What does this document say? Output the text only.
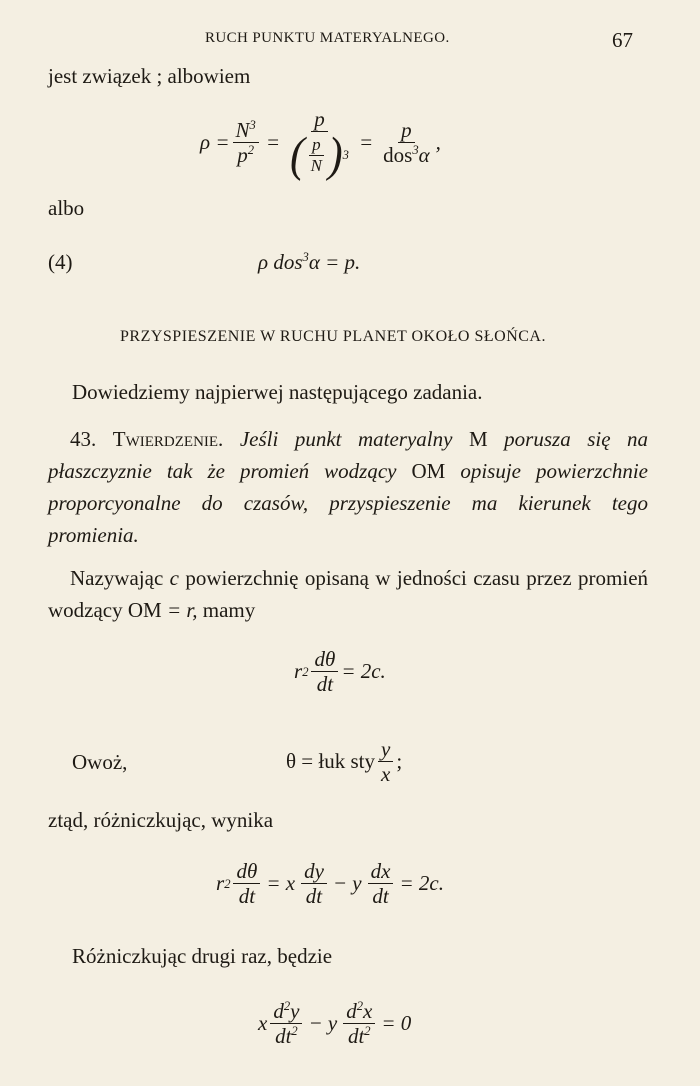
RUCH PUNKTU MATERYALNEGO.	67
jest związek ; albowiem
$\rho = \frac{N^3}{p^2} = \frac{p}{( \frac{p}{N} ) 3} = \frac{p}{dos^3\alpha}$ ,
albo
(4)	ρ dos$^3$α = p.
PRZYSPIESZENIE W RUCHU PLANET OKOŁO SŁOŃCA.
Dowiedziemy najpierwej następującego zadania.
43. Twierdzenie. Jeśli punkt materyalny M porusza się na płaszczyznie tak że promień wodzący OM opisuje powierzchnie proporcyonalne do czasów, przyspieszenie ma kierunek tego promienia.
Nazywając c powierzchnię opisaną w jedności czasu przez promień wodzący OM = r, mamy
r $2 \frac{d\theta}{dt} = 2c$.
Owoż,	θ = łuk sty $\frac{y}{x}$ ;
ztąd, różniczkując, wynika
r $2 \frac{d\theta}{dt} = x \frac{dy}{dt} - y \frac{dx}{dt} = 2c$.
Różniczkując drugi raz, będzie
x $\frac{d^2y}{dt^2} - y \frac{d^2x}{dt^2} = 0$
